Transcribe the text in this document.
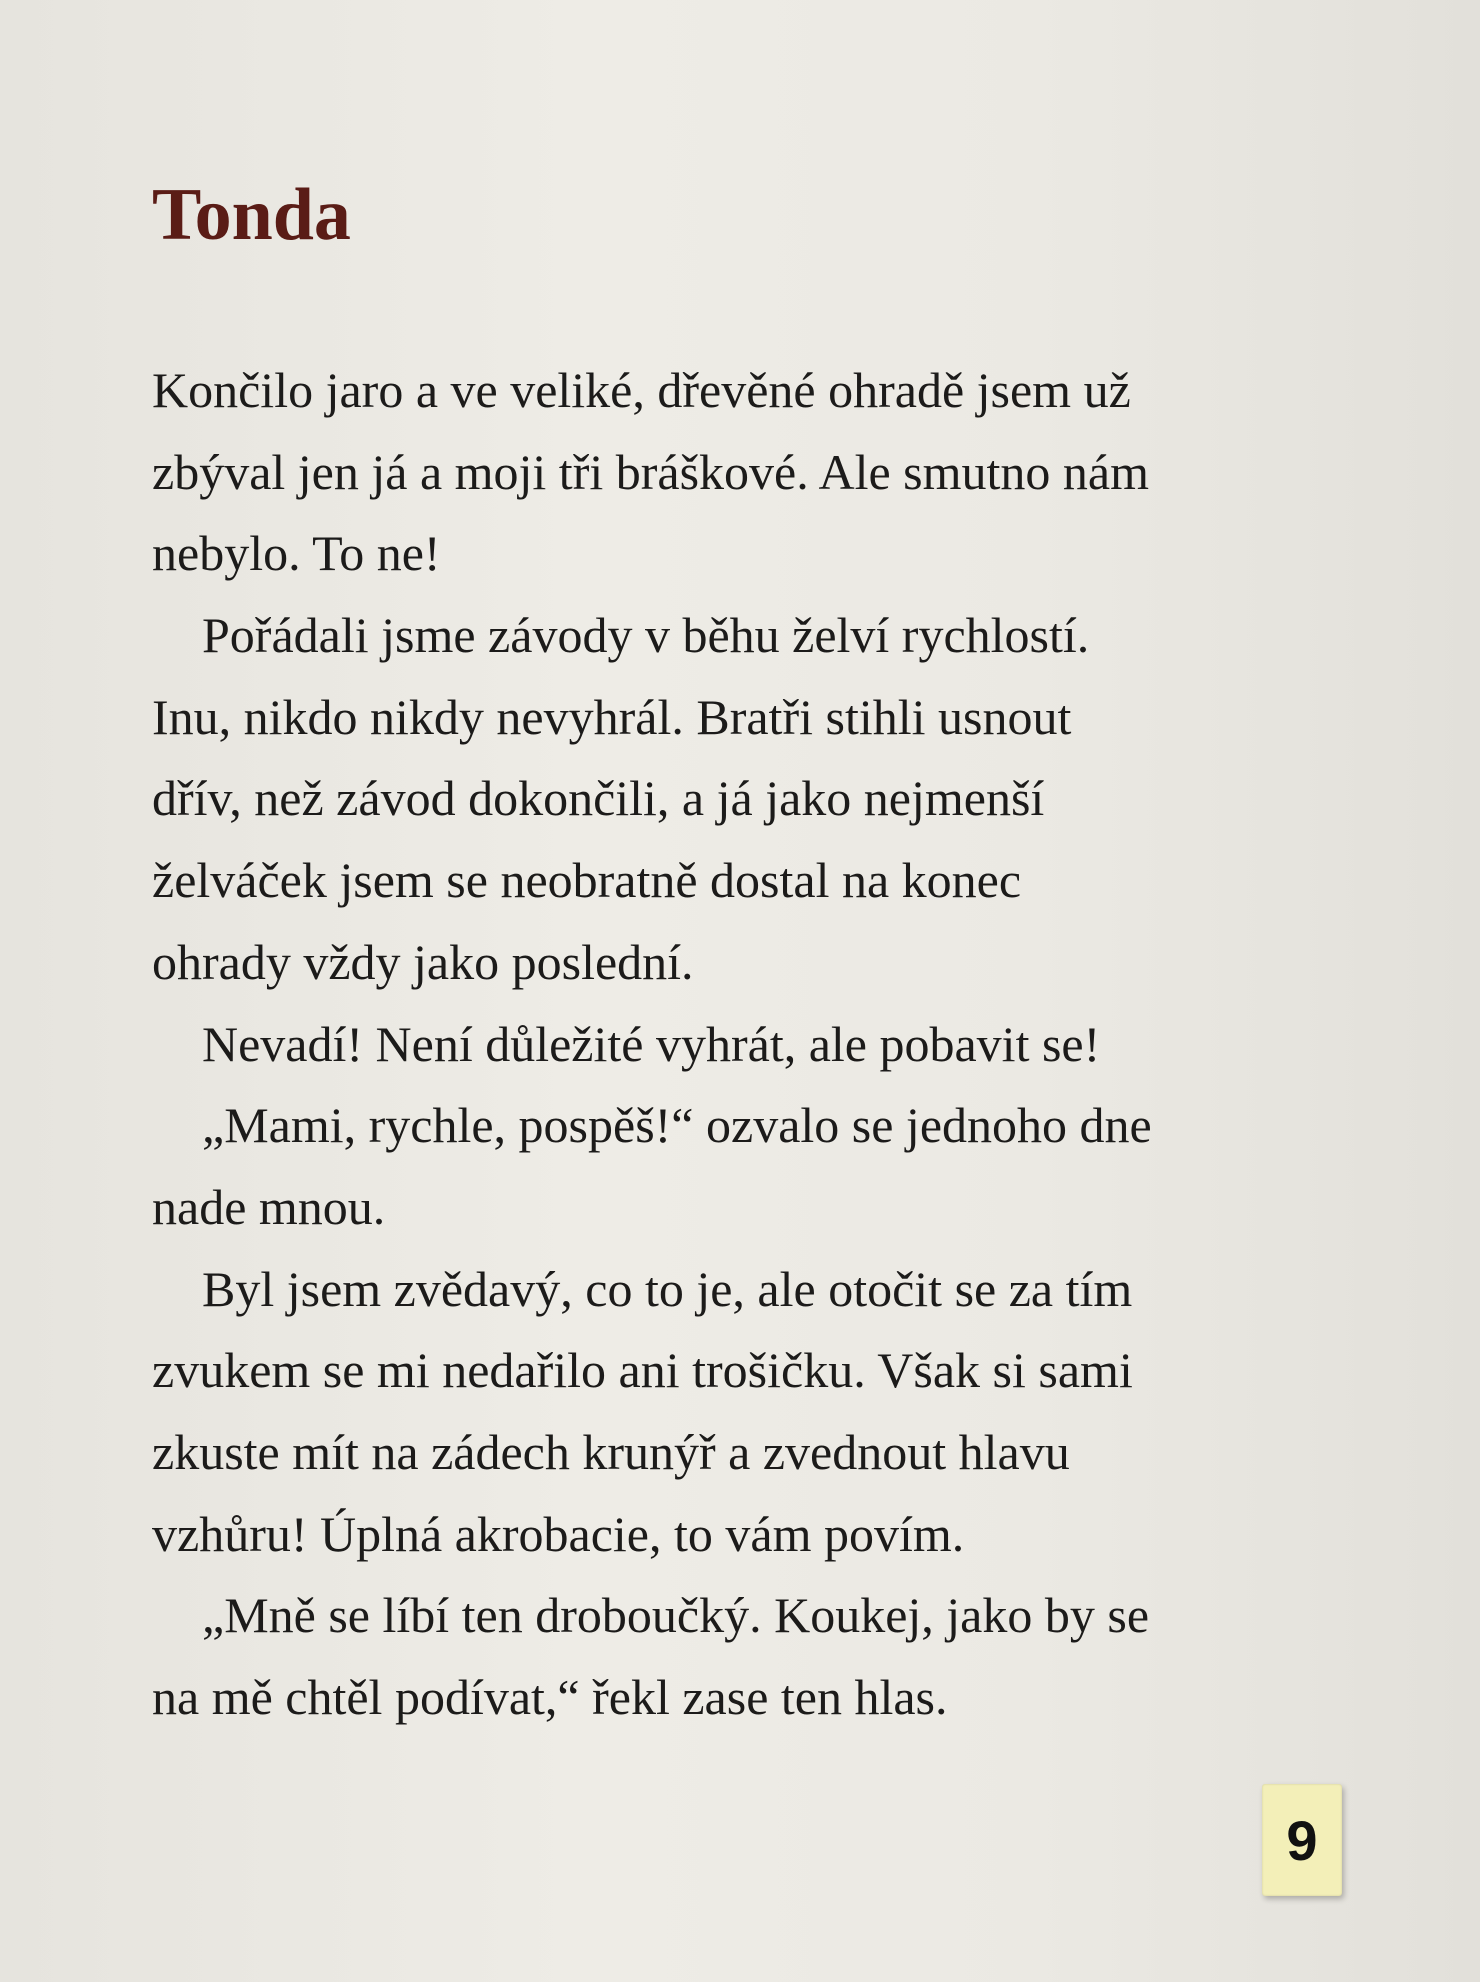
Tonda
Končilo jaro a ve veliké, dřevěné ohradě jsem už
zbýval jen já a moji tři bráškové. Ale smutno nám
nebylo. To ne!
Pořádali jsme závody v běhu želví rychlostí.
Inu, nikdo nikdy nevyhrál. Bratři stihli usnout
dřív, než závod dokončili, a já jako nejmenší
želváček jsem se neobratně dostal na konec
ohrady vždy jako poslední.
Nevadí! Není důležité vyhrát, ale pobavit se!
„Mami, rychle, pospěš!“ ozvalo se jednoho dne
nade mnou.
Byl jsem zvědavý, co to je, ale otočit se za tím
zvukem se mi nedařilo ani trošičku. Však si sami
zkuste mít na zádech krunýř a zvednout hlavu
vzhůru! Úplná akrobacie, to vám povím.
„Mně se líbí ten droboučký. Koukej, jako by se
na mě chtěl podívat,“ řekl zase ten hlas.
9
